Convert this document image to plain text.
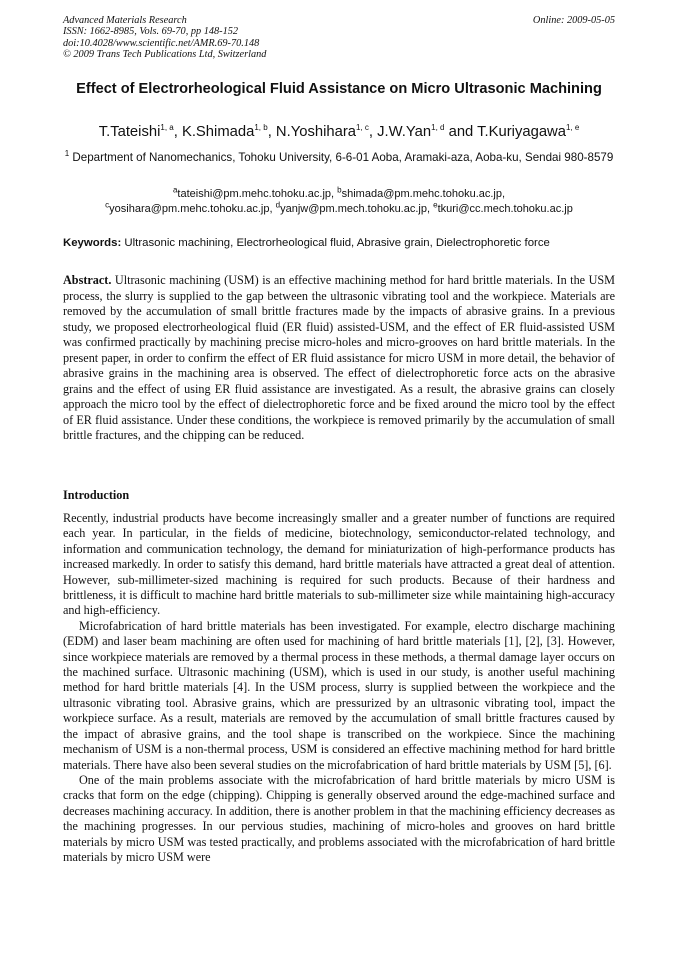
Advanced Materials Research
ISSN: 1662-8985, Vols. 69-70, pp 148-152
doi:10.4028/www.scientific.net/AMR.69-70.148
© 2009 Trans Tech Publications Ltd, Switzerland
Online: 2009-05-05
Effect of Electrorheological Fluid Assistance on Micro Ultrasonic Machining
T.Tateishi$^{1, a}$, K.Shimada$^{1, b}$, N.Yoshihara$^{1, c}$, J.W.Yan$^{1, d}$ and T.Kuriyagawa$^{1, e}$
$^1$ Department of Nanomechanics, Tohoku University, 6-6-01 Aoba, Aramaki-aza, Aoba-ku, Sendai 980-8579
$^a$tateishi@pm.mehc.tohoku.ac.jp, $^b$shimada@pm.mehc.tohoku.ac.jp,
$^c$yosihara@pm.mehc.tohoku.ac.jp, $^d$yanjw@pm.mech.tohoku.ac.jp, $^e$tkuri@cc.mech.tohoku.ac.jp
Keywords: Ultrasonic machining, Electrorheological fluid, Abrasive grain, Dielectrophoretic force
Abstract. Ultrasonic machining (USM) is an effective machining method for hard brittle materials. In the USM process, the slurry is supplied to the gap between the ultrasonic vibrating tool and the workpiece. Materials are removed by the accumulation of small brittle fractures made by the impacts of abrasive grains. In a previous study, we proposed electrorheological fluid (ER fluid) assisted-USM, and the effect of ER fluid-assisted USM was confirmed practically by machining precise micro-holes and micro-grooves on hard brittle materials. In the present paper, in order to confirm the effect of ER fluid assistance for micro USM in more detail, the behavior of abrasive grains in the machining area is observed. The effect of dielectrophoretic force acts on the abrasive grains and the effect of using ER fluid assistance are investigated. As a result, the abrasive grains can closely approach the micro tool by the effect of dielectrophoretic force and be fixed around the micro tool by the effect of ER fluid assistance. Under these conditions, the workpiece is removed primarily by the accumulation of small brittle fractures, and the chipping can be reduced.
Introduction

Recently, industrial products have become increasingly smaller and a greater number of functions are required each year. In particular, in the fields of medicine, biotechnology, semiconductor-related technology, and information and communication technology, the demand for miniaturization of high-performance products has increased markedly. In order to satisfy this demand, hard brittle materials have attracted a great deal of attention. However, sub-millimeter-sized machining is required for such products. Because of their hardness and brittleness, it is difficult to machine hard brittle materials to sub-millimeter size while maintaining high-accuracy and high-efficiency.

Microfabrication of hard brittle materials has been investigated. For example, electro discharge machining (EDM) and laser beam machining are often used for machining of hard brittle materials [1], [2], [3]. However, since workpiece materials are removed by a thermal process in these methods, a thermal damage layer occurs on the machined surface. Ultrasonic machining (USM), which is used in our study, is another useful machining method for hard brittle materials [4]. In the USM process, slurry is supplied between the workpiece and the ultrasonic vibrating tool. Abrasive grains, which are pressurized by an ultrasonic vibrating tool, impact the workpiece surface. As a result, materials are removed by the accumulation of small brittle fractures caused by the impact of abrasive grains, and the tool shape is transcribed on the workpiece. Since the machining mechanism of USM is a non-thermal process, USM is considered an effective machining method for hard brittle materials. There have also been several studies on the microfabrication of hard brittle materials by USM [5], [6].

One of the main problems associate with the microfabrication of hard brittle materials by micro USM is cracks that form on the edge (chipping). Chipping is generally observed around the edge-machined surface and decreases machining accuracy. In addition, there is another problem in that the machining efficiency decreases as the machining progresses. In our pervious studies, machining of micro-holes and grooves on hard brittle materials by micro USM was tested practically, and problems associated with the microfabrication of hard brittle materials by micro USM were
